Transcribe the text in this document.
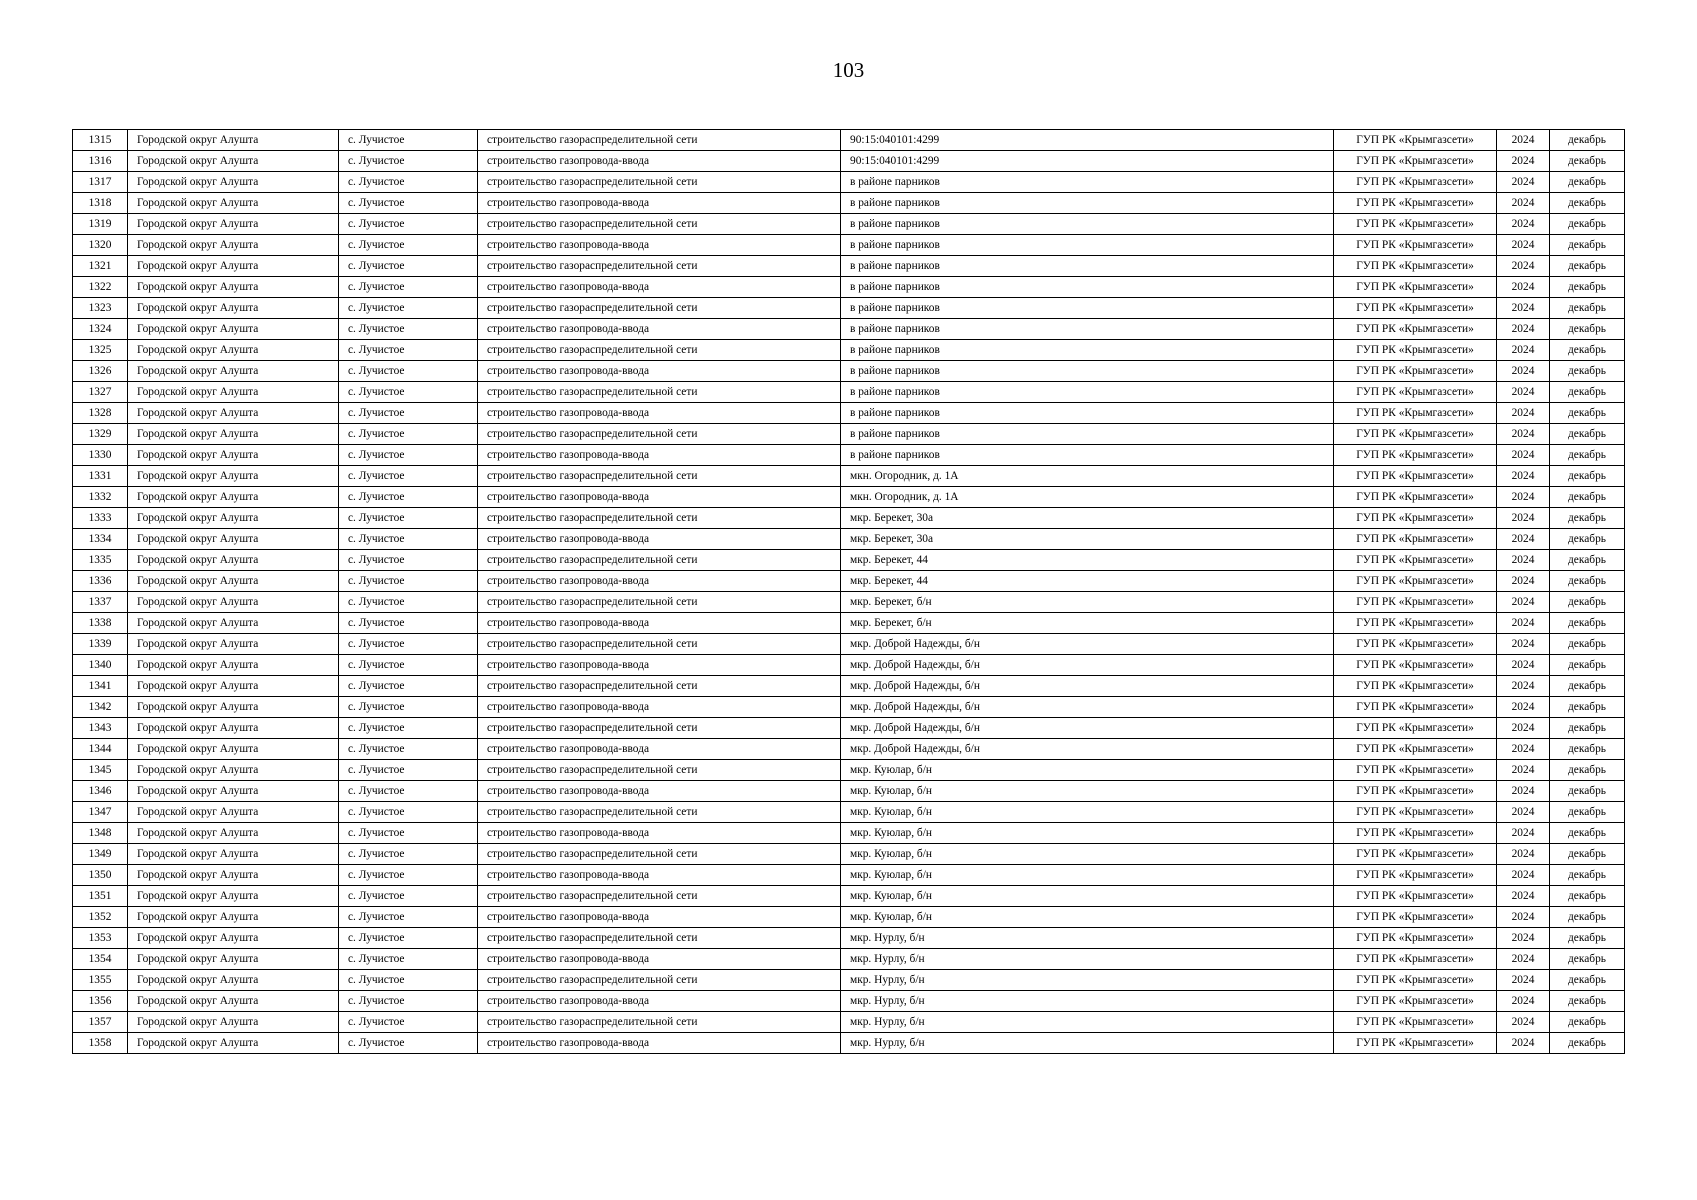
103
1315	Городской округ Алушта	с. Лучистое	строительство газораспределительной сети	90:15:040101:4299	ГУП РК «Крымгазсети»	2024	декабрь
1316	Городской округ Алушта	с. Лучистое	строительство газопровода-ввода	90:15:040101:4299	ГУП РК «Крымгазсети»	2024	декабрь
1317	Городской округ Алушта	с. Лучистое	строительство газораспределительной сети	в районе парников	ГУП РК «Крымгазсети»	2024	декабрь
1318	Городской округ Алушта	с. Лучистое	строительство газопровода-ввода	в районе парников	ГУП РК «Крымгазсети»	2024	декабрь
1319	Городской округ Алушта	с. Лучистое	строительство газораспределительной сети	в районе парников	ГУП РК «Крымгазсети»	2024	декабрь
1320	Городской округ Алушта	с. Лучистое	строительство газопровода-ввода	в районе парников	ГУП РК «Крымгазсети»	2024	декабрь
1321	Городской округ Алушта	с. Лучистое	строительство газораспределительной сети	в районе парников	ГУП РК «Крымгазсети»	2024	декабрь
1322	Городской округ Алушта	с. Лучистое	строительство газопровода-ввода	в районе парников	ГУП РК «Крымгазсети»	2024	декабрь
1323	Городской округ Алушта	с. Лучистое	строительство газораспределительной сети	в районе парников	ГУП РК «Крымгазсети»	2024	декабрь
1324	Городской округ Алушта	с. Лучистое	строительство газопровода-ввода	в районе парников	ГУП РК «Крымгазсети»	2024	декабрь
1325	Городской округ Алушта	с. Лучистое	строительство газораспределительной сети	в районе парников	ГУП РК «Крымгазсети»	2024	декабрь
1326	Городской округ Алушта	с. Лучистое	строительство газопровода-ввода	в районе парников	ГУП РК «Крымгазсети»	2024	декабрь
1327	Городской округ Алушта	с. Лучистое	строительство газораспределительной сети	в районе парников	ГУП РК «Крымгазсети»	2024	декабрь
1328	Городской округ Алушта	с. Лучистое	строительство газопровода-ввода	в районе парников	ГУП РК «Крымгазсети»	2024	декабрь
1329	Городской округ Алушта	с. Лучистое	строительство газораспределительной сети	в районе парников	ГУП РК «Крымгазсети»	2024	декабрь
1330	Городской округ Алушта	с. Лучистое	строительство газопровода-ввода	в районе парников	ГУП РК «Крымгазсети»	2024	декабрь
1331	Городской округ Алушта	с. Лучистое	строительство газораспределительной сети	мкн. Огородник, д. 1А	ГУП РК «Крымгазсети»	2024	декабрь
1332	Городской округ Алушта	с. Лучистое	строительство газопровода-ввода	мкн. Огородник, д. 1А	ГУП РК «Крымгазсети»	2024	декабрь
1333	Городской округ Алушта	с. Лучистое	строительство газораспределительной сети	мкр. Берекет, 30а	ГУП РК «Крымгазсети»	2024	декабрь
1334	Городской округ Алушта	с. Лучистое	строительство газопровода-ввода	мкр. Берекет, 30а	ГУП РК «Крымгазсети»	2024	декабрь
1335	Городской округ Алушта	с. Лучистое	строительство газораспределительной сети	мкр. Берекет, 44	ГУП РК «Крымгазсети»	2024	декабрь
1336	Городской округ Алушта	с. Лучистое	строительство газопровода-ввода	мкр. Берекет, 44	ГУП РК «Крымгазсети»	2024	декабрь
1337	Городской округ Алушта	с. Лучистое	строительство газораспределительной сети	мкр. Берекет, б/н	ГУП РК «Крымгазсети»	2024	декабрь
1338	Городской округ Алушта	с. Лучистое	строительство газопровода-ввода	мкр. Берекет, б/н	ГУП РК «Крымгазсети»	2024	декабрь
1339	Городской округ Алушта	с. Лучистое	строительство газораспределительной сети	мкр. Доброй Надежды, б/н	ГУП РК «Крымгазсети»	2024	декабрь
1340	Городской округ Алушта	с. Лучистое	строительство газопровода-ввода	мкр. Доброй Надежды, б/н	ГУП РК «Крымгазсети»	2024	декабрь
1341	Городской округ Алушта	с. Лучистое	строительство газораспределительной сети	мкр. Доброй Надежды, б/н	ГУП РК «Крымгазсети»	2024	декабрь
1342	Городской округ Алушта	с. Лучистое	строительство газопровода-ввода	мкр. Доброй Надежды, б/н	ГУП РК «Крымгазсети»	2024	декабрь
1343	Городской округ Алушта	с. Лучистое	строительство газораспределительной сети	мкр. Доброй Надежды, б/н	ГУП РК «Крымгазсети»	2024	декабрь
1344	Городской округ Алушта	с. Лучистое	строительство газопровода-ввода	мкр. Доброй Надежды, б/н	ГУП РК «Крымгазсети»	2024	декабрь
1345	Городской округ Алушта	с. Лучистое	строительство газораспределительной сети	мкр. Куюлар, б/н	ГУП РК «Крымгазсети»	2024	декабрь
1346	Городской округ Алушта	с. Лучистое	строительство газопровода-ввода	мкр. Куюлар, б/н	ГУП РК «Крымгазсети»	2024	декабрь
1347	Городской округ Алушта	с. Лучистое	строительство газораспределительной сети	мкр. Куюлар, б/н	ГУП РК «Крымгазсети»	2024	декабрь
1348	Городской округ Алушта	с. Лучистое	строительство газопровода-ввода	мкр. Куюлар, б/н	ГУП РК «Крымгазсети»	2024	декабрь
1349	Городской округ Алушта	с. Лучистое	строительство газораспределительной сети	мкр. Куюлар, б/н	ГУП РК «Крымгазсети»	2024	декабрь
1350	Городской округ Алушта	с. Лучистое	строительство газопровода-ввода	мкр. Куюлар, б/н	ГУП РК «Крымгазсети»	2024	декабрь
1351	Городской округ Алушта	с. Лучистое	строительство газораспределительной сети	мкр. Куюлар, б/н	ГУП РК «Крымгазсети»	2024	декабрь
1352	Городской округ Алушта	с. Лучистое	строительство газопровода-ввода	мкр. Куюлар, б/н	ГУП РК «Крымгазсети»	2024	декабрь
1353	Городской округ Алушта	с. Лучистое	строительство газораспределительной сети	мкр. Нурлу, б/н	ГУП РК «Крымгазсети»	2024	декабрь
1354	Городской округ Алушта	с. Лучистое	строительство газопровода-ввода	мкр. Нурлу, б/н	ГУП РК «Крымгазсети»	2024	декабрь
1355	Городской округ Алушта	с. Лучистое	строительство газораспределительной сети	мкр. Нурлу, б/н	ГУП РК «Крымгазсети»	2024	декабрь
1356	Городской округ Алушта	с. Лучистое	строительство газопровода-ввода	мкр. Нурлу, б/н	ГУП РК «Крымгазсети»	2024	декабрь
1357	Городской округ Алушта	с. Лучистое	строительство газораспределительной сети	мкр. Нурлу, б/н	ГУП РК «Крымгазсети»	2024	декабрь
1358	Городской округ Алушта	с. Лучистое	строительство газопровода-ввода	мкр. Нурлу, б/н	ГУП РК «Крымгазсети»	2024	декабрь
